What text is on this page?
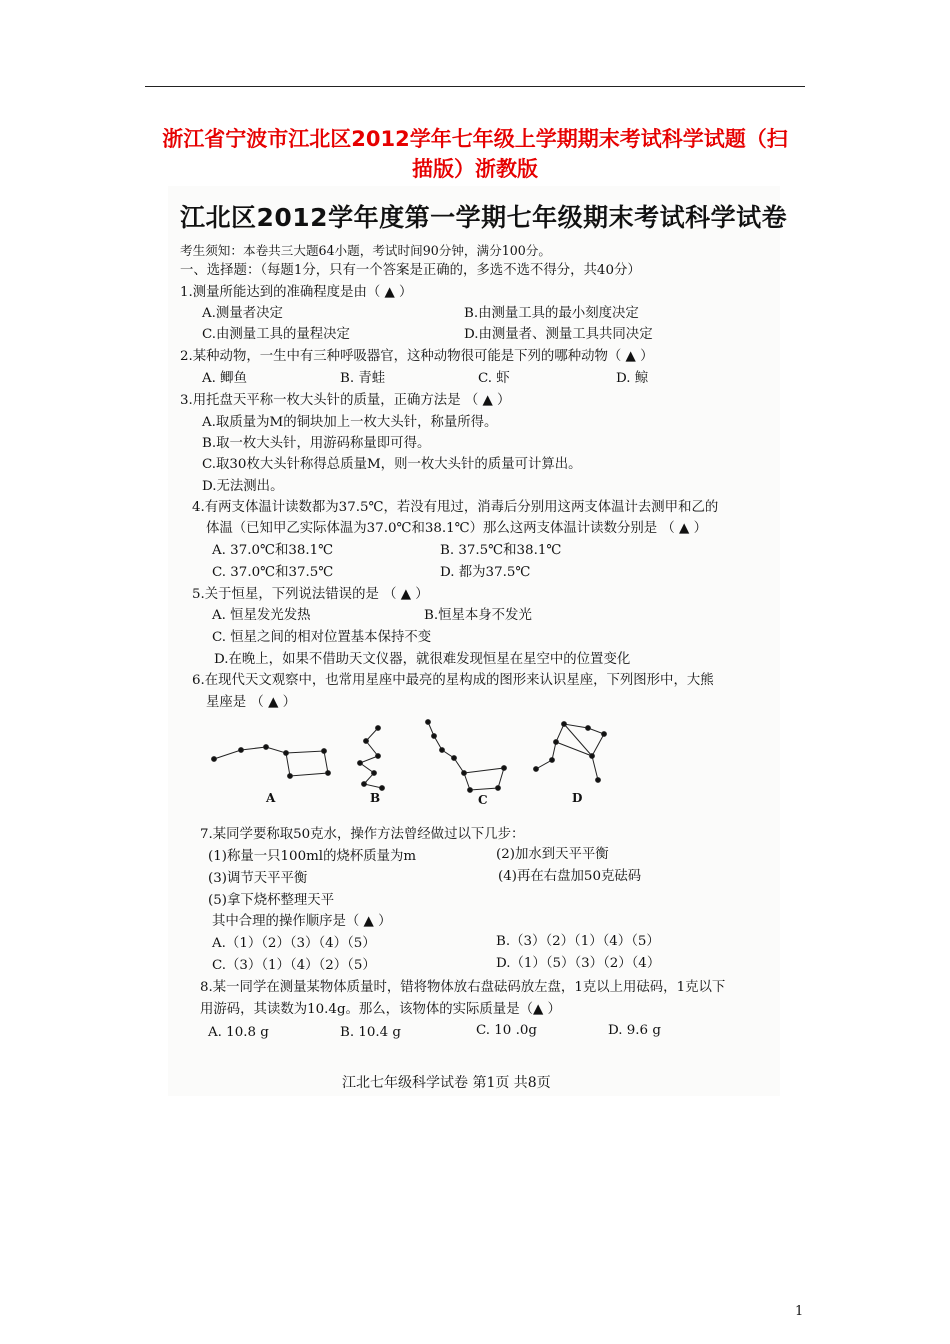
浙江省宁波市江北区2012学年七年级上学期期末考试科学试题（扫
描版）浙教版
江北区2012学年度第一学期七年级期末考试科学试卷
考生须知：本卷共三大题64小题，考试时间90分钟，满分100分。
一、选择题：（每题1分，只有一个答案是正确的，多选不选不得分，共40分）
1.测量所能达到的准确程度是由（ ▲ ）
A.测量者决定	B.由测量工具的最小刻度决定
C.由测量工具的量程决定	D.由测量者、测量工具共同决定
2.某种动物，一生中有三种呼吸器官，这种动物很可能是下列的哪种动物（ ▲ ）
A. 鲫鱼	B. 青蛙	C. 虾	D. 鲸
3.用托盘天平称一枚大头针的质量，正确方法是 （ ▲ ）
A.取质量为M的铜块加上一枚大头针，称量所得。
B.取一枚大头针，用游码称量即可得。
C.取30枚大头针称得总质量M，则一枚大头针的质量可计算出。
D.无法测出。
4.有两支体温计读数都为37.5℃，若没有甩过，消毒后分别用这两支体温计去测甲和乙的
体温（已知甲乙实际体温为37.0℃和38.1℃）那么这两支体温计读数分别是 （ ▲ ）
A. 37.0℃和38.1℃	B. 37.5℃和38.1℃
C. 37.0℃和37.5℃	D. 都为37.5℃
5.关于恒星，下列说法错误的是 （ ▲ ）
A. 恒星发光发热	B.恒星本身不发光
C. 恒星之间的相对位置基本保持不变
D.在晚上，如果不借助天文仪器，就很难发现恒星在星空中的位置变化
6.在现代天文观察中，也常用星座中最亮的星构成的图形来认识星座，下列图形中，大熊
星座是 （ ▲ ）
A	B	C	D
7.某同学要称取50克水，操作方法曾经做过以下几步：
(1)称量一只100ml的烧杯质量为m	(2)加水到天平平衡
(3)调节天平平衡	(4)再在右盘加50克砝码
(5)拿下烧杯整理天平
其中合理的操作顺序是（ ▲ ）
A.（1）（2）（3）（4）（5）	B.（3）（2）（1）（4）（5）
C.（3）（1）（4）（2）（5）	D.（1）（5）（3）（2）（4）
8.某一同学在测量某物体质量时，错将物体放右盘砝码放左盘，1克以上用砝码，1克以下
用游码，其读数为10.4g。那么，该物体的实际质量是（▲ ）
A. 10.8 g	B. 10.4 g	C. 10 .0g	D. 9.6 g
江北七年级科学试卷 第1页 共8页
1
